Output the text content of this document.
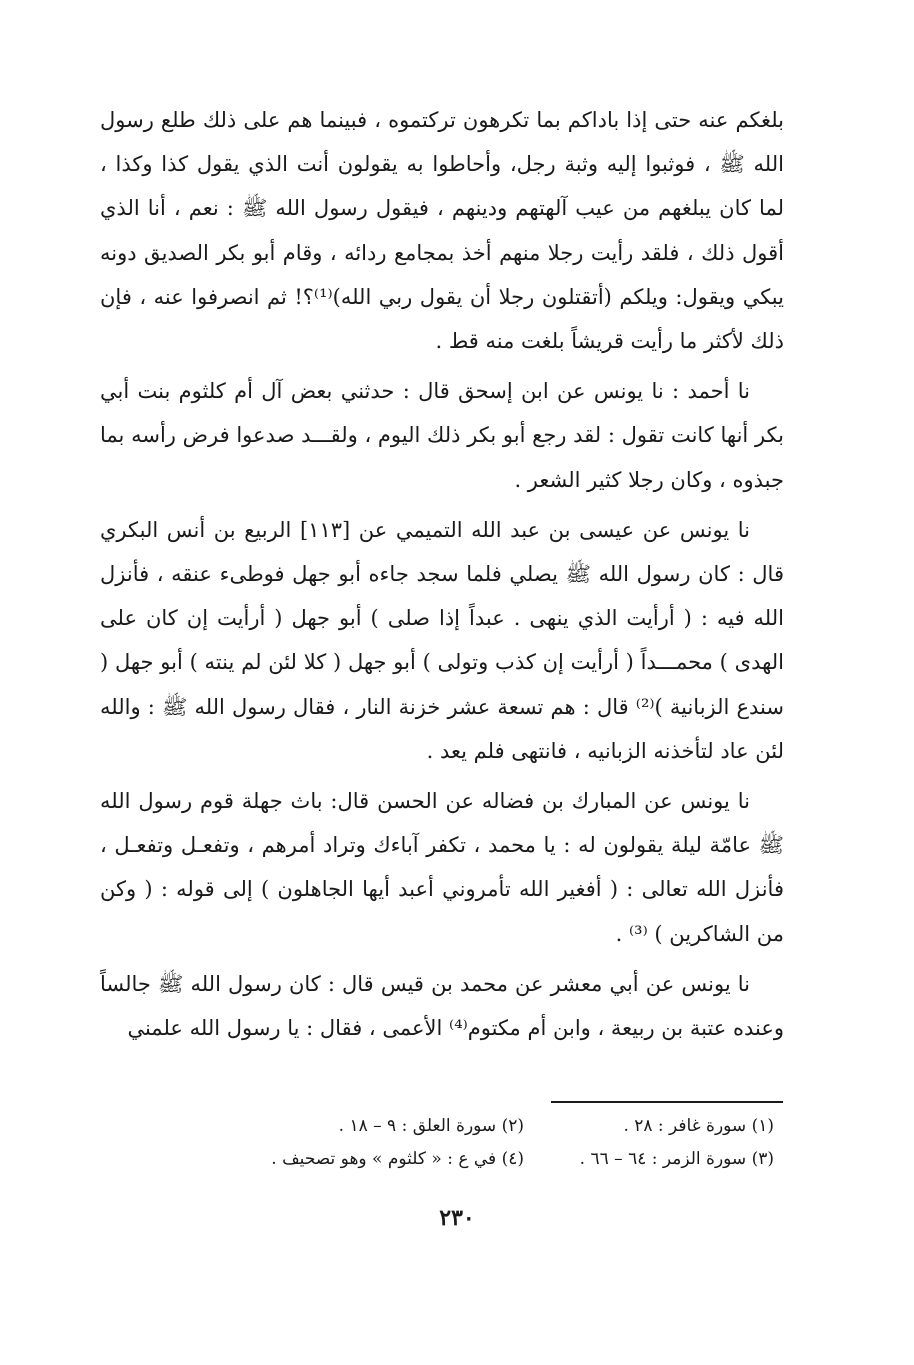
بلغكم عنه حتى إذا باداكم بما تكرهون تركتموه ، فبينما هم على ذلك طلع رسول الله ﷺ ، فوثبوا إليه وثبة رجل، وأحاطوا به يقولون أنت الذي يقول كذا وكذا ، لما كان يبلغهم من عيب آلهتهم ودينهم ، فيقول رسول الله ﷺ : نعم ، أنا الذي أقول ذلك ، فلقد رأيت رجلا منهم أخذ بمجامع ردائه ، وقام أبو بكر الصديق دونه يبكي ويقول: ويلكم (أتقتلون رجلا أن يقول ربي الله)⁽¹⁾؟! ثم انصرفوا عنه ، فإن ذلك لأكثر ما رأيت قريشاً بلغت منه قط .

نا أحمد : نا يونس عن ابن إسحق قال : حدثني بعض آل أم كلثوم بنت أبي بكر أنها كانت تقول : لقد رجع أبو بكر ذلك اليوم ، ولقـــد صدعوا فرض رأسه بما جبذوه ، وكان رجلا كثير الشعر .

نا يونس عن عيسى بن عبد الله التميمي عن [١١٣] الربيع بن أنس البكري قال : كان رسول الله ﷺ يصلي فلما سجد جاءه أبو جهل فوطىء عنقه ، فأنزل الله فيه : ( أرأيت الذي ينهى . عبداً إذا صلى ) أبو جهل ( أرأيت إن كان على الهدى ) محمـــداً ( أرأيت إن كذب وتولى ) أبو جهل ( كلا لئن لم ينته ) أبو جهل ( سندع الزبانية )⁽²⁾ قال : هم تسعة عشر خزنة النار ، فقال رسول الله ﷺ : والله لئن عاد لتأخذنه الزبانيه ، فانتهى فلم يعد .

نا يونس عن المبارك بن فضاله عن الحسن قال: باث جهلة قوم رسول الله ﷺ عامّة ليلة يقولون له : يا محمد ، تكفر آباءك وتراد أمرهم ، وتفعـل وتفعـل ، فأنزل الله تعالى : ( أفغير الله تأمروني أعبد أيها الجاهلون ) إلى قوله : ( وكن من الشاكرين ) ⁽³⁾ .

نا يونس عن أبي معشر عن محمد بن قيس قال : كان رسول الله ﷺ جالساً وعنده عتبة بن ربيعة ، وابن أم مكتوم⁽⁴⁾ الأعمى ، فقال : يا رسول الله علمني

(١) سورة غافر : ٢٨ .
(٢) سورة العلق : ٩ – ١٨ .
(٣) سورة الزمر : ٦٤ – ٦٦ .
(٤) في ع : « كلثوم » وهو تصحيف .
٢٣٠
